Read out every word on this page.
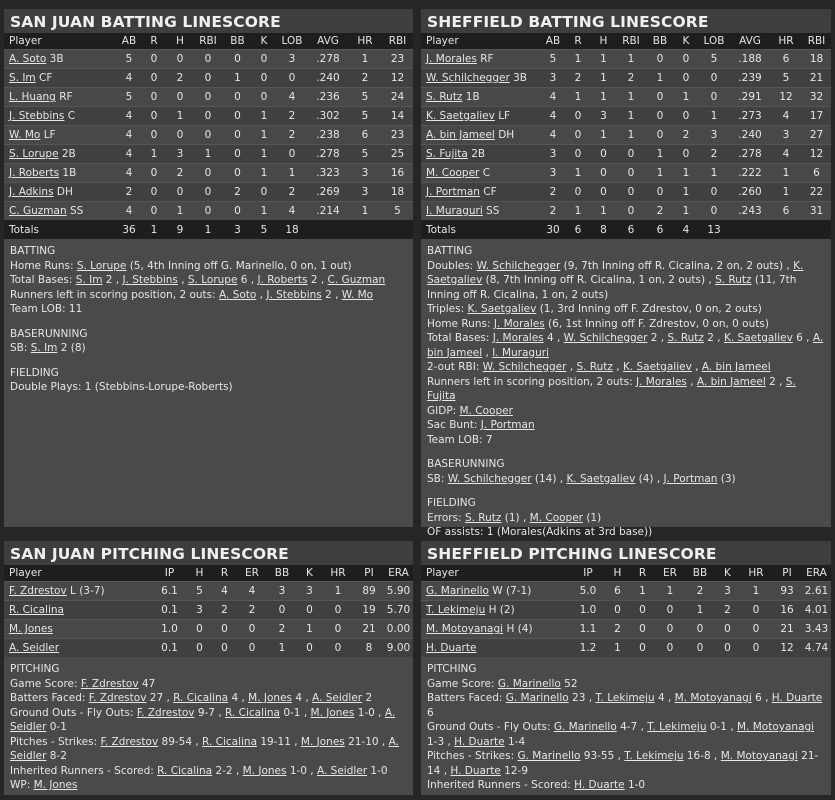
SAN JUAN BATTING LINESCORE
Player	AB	R	H	RBI	BB	K	LOB	AVG	HR	RBI
A. Soto 3B	5	0	0	0	0	0	3	.278	1	23
S. Im CF	4	0	2	0	1	0	0	.240	2	12
L. Huang RF	5	0	0	0	0	0	4	.236	5	24
J. Stebbins C	4	0	1	0	0	1	2	.302	5	14
W. Mo LF	4	0	0	0	0	1	2	.238	6	23
S. Lorupe 2B	4	1	3	1	0	1	0	.278	5	25
J. Roberts 1B	4	0	2	0	0	1	1	.323	3	16
J. Adkins DH	2	0	0	0	2	0	2	.269	3	18
C. Guzman SS	4	0	1	0	0	1	4	.214	1	5
Totals	36	1	9	1	3	5	18			
BATTING
Home Runs: S. Lorupe (5, 4th Inning off G. Marinello, 0 on, 1 out)
Total Bases: S. Im 2 , J. Stebbins , S. Lorupe 6 , J. Roberts 2 , C. Guzman
Runners left in scoring position, 2 outs: A. Soto , J. Stebbins 2 , W. Mo
Team LOB: 11
BASERUNNING
SB: S. Im 2 (8)
FIELDING
Double Plays: 1 (Stebbins-Lorupe-Roberts)
SHEFFIELD BATTING LINESCORE
Player	AB	R	H	RBI	BB	K	LOB	AVG	HR	RBI
J. Morales RF	5	1	1	1	0	0	5	.188	6	18
W. Schilchegger 3B	3	2	1	2	1	0	0	.239	5	21
S. Rutz 1B	4	1	1	1	0	1	0	.291	12	32
K. Saetgaliev LF	4	0	3	1	0	0	1	.273	4	17
A. bin Jameel DH	4	0	1	1	0	2	3	.240	3	27
S. Fujita 2B	3	0	0	0	1	0	2	.278	4	12
M. Cooper C	3	1	0	0	1	1	1	.222	1	6
J. Portman CF	2	0	0	0	0	1	0	.260	1	22
I. Muraguri SS	2	1	1	0	2	1	0	.243	6	31
Totals	30	6	8	6	6	4	13			
BATTING
Doubles: W. Schilchegger (9, 7th Inning off R. Cicalina, 2 on, 2 outs) , K. Saetgaliev (8, 7th Inning off R. Cicalina, 1 on, 2 outs) , S. Rutz (11, 7th Inning off R. Cicalina, 1 on, 2 outs)
Triples: K. Saetgaliev (1, 3rd Inning off F. Zdrestov, 0 on, 2 outs)
Home Runs: J. Morales (6, 1st Inning off F. Zdrestov, 0 on, 0 outs)
Total Bases: J. Morales 4 , W. Schilchegger 2 , S. Rutz 2 , K. Saetgaliev 6 , A. bin Jameel , I. Muraguri
2-out RBI: W. Schilchegger , S. Rutz , K. Saetgaliev , A. bin Jameel
Runners left in scoring position, 2 outs: J. Morales , A. bin Jameel 2 , S. Fujita
GIDP: M. Cooper
Sac Bunt: J. Portman
Team LOB: 7
BASERUNNING
SB: W. Schilchegger (14) , K. Saetgaliev (4) , J. Portman (3)
FIELDING
Errors: S. Rutz (1) , M. Cooper (1)
OF assists: 1 (Morales(Adkins at 3rd base))
SAN JUAN PITCHING LINESCORE
Player	IP	H	R	ER	BB	K	HR	PI	ERA
F. Zdrestov L (3-7)	6.1	5	4	4	3	3	1	89	5.90
R. Cicalina	0.1	3	2	2	0	0	0	19	5.70
M. Jones	1.0	0	0	0	2	1	0	21	0.00
A. Seidler	0.1	0	0	0	1	0	0	8	9.00
PITCHING
Game Score: F. Zdrestov 47
Batters Faced: F. Zdrestov 27 , R. Cicalina 4 , M. Jones 4 , A. Seidler 2
Ground Outs - Fly Outs: F. Zdrestov 9-7 , R. Cicalina 0-1 , M. Jones 1-0 , A. Seidler 0-1
Pitches - Strikes: F. Zdrestov 89-54 , R. Cicalina 19-11 , M. Jones 21-10 , A. Seidler 8-2
Inherited Runners - Scored: R. Cicalina 2-2 , M. Jones 1-0 , A. Seidler 1-0
WP: M. Jones
SHEFFIELD PITCHING LINESCORE
Player	IP	H	R	ER	BB	K	HR	PI	ERA
G. Marinello W (7-1)	5.0	6	1	1	2	3	1	93	2.61
T. Lekimeju H (2)	1.0	0	0	0	1	2	0	16	4.01
M. Motoyanagi H (4)	1.1	2	0	0	0	0	0	21	3.43
H. Duarte	1.2	1	0	0	0	0	0	12	4.74
PITCHING
Game Score: G. Marinello 52
Batters Faced: G. Marinello 23 , T. Lekimeju 4 , M. Motoyanagi 6 , H. Duarte 6
Ground Outs - Fly Outs: G. Marinello 4-7 , T. Lekimeju 0-1 , M. Motoyanagi 1-3 , H. Duarte 1-4
Pitches - Strikes: G. Marinello 93-55 , T. Lekimeju 16-8 , M. Motoyanagi 21-14 , H. Duarte 12-9
Inherited Runners - Scored: H. Duarte 1-0
